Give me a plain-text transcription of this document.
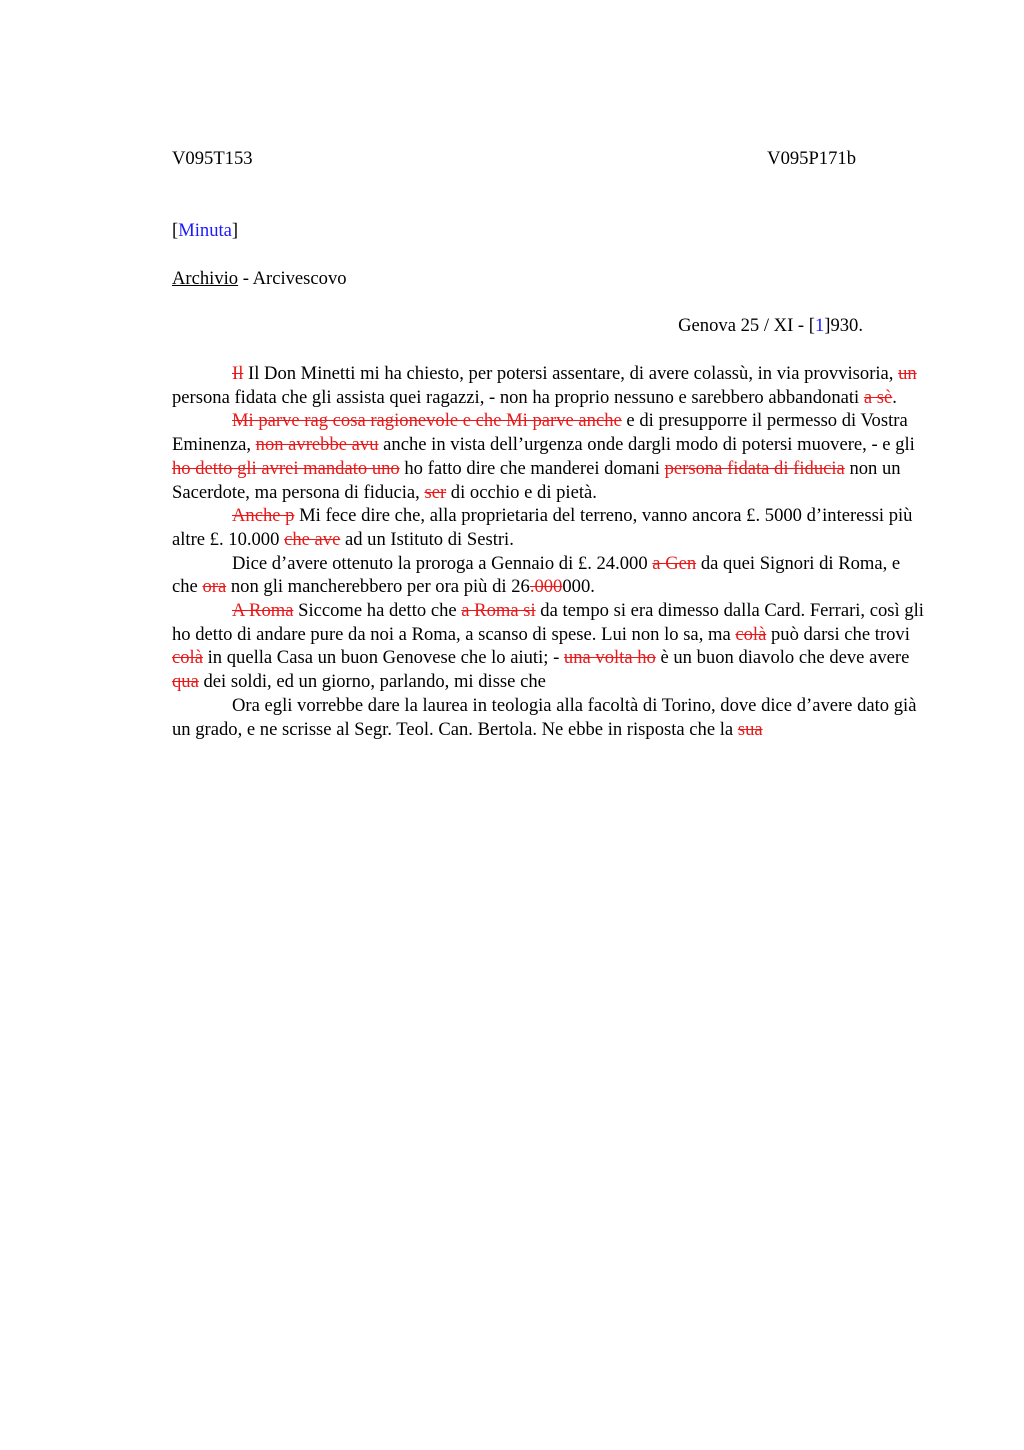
V095T153	V095P171b
[Minuta]
Archivio - Arcivescovo
Genova 25 / XI - [1]930.

Il Il Don Minetti mi ha chiesto, per potersi assentare, di avere colassù, in via provvisoria, un persona fidata che gli assista quei ragazzi, - non ha proprio nessuno e sarebbero abbandonati a sè.

Mi parve rag cosa ragionevole e che Mi parve anche e di presupporre il permesso di Vostra Eminenza, non avrebbe avu anche in vista dell’urgenza onde dargli modo di potersi muovere, - e gli ho detto gli avrei mandato uno ho fatto dire che manderei domani persona fidata di fiducia non un Sacerdote, ma persona di fiducia, ser di occhio e di pietà.

Anche p Mi fece dire che, alla proprietaria del terreno, vanno ancora £. 5000 d’interessi più altre £. 10.000 che ave ad un Istituto di Sestri.

Dice d’avere ottenuto la proroga a Gennaio di £. 24.000 a Gen da quei Signori di Roma, e che ora non gli mancherebbero per ora più di 26.000000.

A Roma Siccome ha detto che a Roma si da tempo si era dimesso dalla Card. Ferrari, così gli ho detto di andare pure da noi a Roma, a scanso di spese. Lui non lo sa, ma colà può darsi che trovi colà in quella Casa un buon Genovese che lo aiuti; - una volta ho è un buon diavolo che deve avere qua dei soldi, ed un giorno, parlando, mi disse che

Ora egli vorrebbe dare la laurea in teologia alla facoltà di Torino, dove dice d’avere dato già un grado, e ne scrisse al Segr. Teol. Can. Bertola. Ne ebbe in risposta che la sua
